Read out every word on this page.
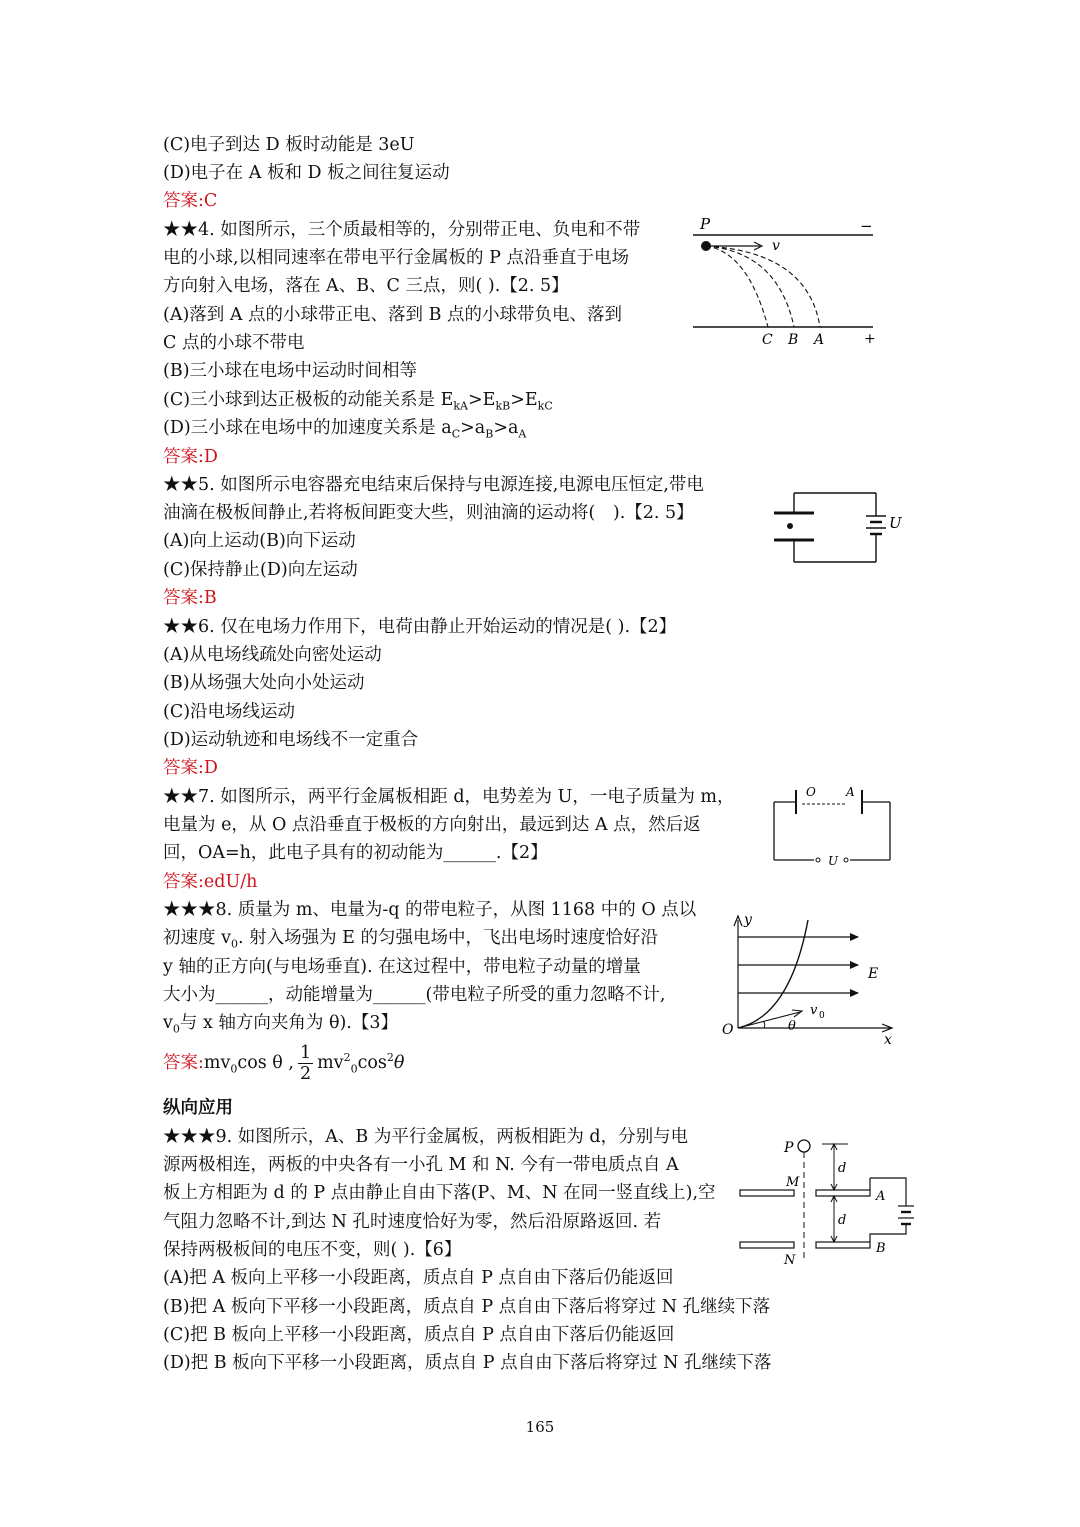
(C)电子到达 D 板时动能是 3eU
(D)电子在 A 板和 D 板之间往复运动
答案:C
★★4. 如图所示，三个质最相等的，分别带正电、负电和不带
电的小球,以相同速率在带电平行金属板的 P 点沿垂直于电场
方向射入电场，落在 A、B、C 三点，则( ).【2. 5】
(A)落到 A 点的小球带正电、落到 B 点的小球带负电、落到
C 点的小球不带电
(B)三小球在电场中运动时间相等
(C)三小球到达正极板的动能关系是 $E_{kA}>E_{kB}>E_{kC}$
(D)三小球在电场中的加速度关系是 $a_C>a_B>a_A$
答案:D
P
v
−
+
C B A
★★5. 如图所示电容器充电结束后保持与电源连接,电源电压恒定,带电
油滴在极板间静止,若将板间距变大些，则油滴的运动将(　).【2. 5】
(A)向上运动(B)向下运动
(C)保持静止(D)向左运动
答案:B
U
★★6. 仅在电场力作用下，电荷由静止开始运动的情况是( ).【2】
(A)从电场线疏处向密处运动
(B)从场强大处向小处运动
(C)沿电场线运动
(D)运动轨迹和电场线不一定重合
答案:D
★★7. 如图所示，两平行金属板相距 d，电势差为 U，一电子质量为 m，
电量为 e，从 O 点沿垂直于极板的方向射出，最远到达 A 点，然后返
回，OA=h，此电子具有的初动能为______.【2】
答案:edU/h
O	A
U
★★★8. 质量为 m、电量为-q 的带电粒子，从图 1168 中的 O 点以
初速度 $v_0$. 射入场强为 E 的匀强电场中，飞出电场时速度恰好沿
y 轴的正方向(与电场垂直). 在这过程中，带电粒子动量的增量
大小为______，动能增量为______(带电粒子所受的重力忽略不计,
$v_0$与 x 轴方向夹角为 θ).【3】
答案$:mv_0\cos$ θ , $\frac{1}{2} mv^2_0\cos^2\theta$
y
x
O
E
v 0
θ
纵向应用
★★★9. 如图所示，A、B 为平行金属板，两板相距为 d，分别与电
源两极相连，两板的中央各有一小孔 M 和 N. 今有一带电质点自 A
板上方相距为 d 的 P 点由静止自由下落(P、M、N 在同一竖直线上),空
气阻力忽略不计,到达 N 孔时速度恰好为零，然后沿原路返回. 若
保持两极板间的电压不变，则( ).【6】
(A)把 A 板向上平移一小段距离，质点自 P 点自由下落后仍能返回
(B)把 A 板向下平移一小段距离，质点自 P 点自由下落后将穿过 N 孔继续下落
(C)把 B 板向上平移一小段距离，质点自 P 点自由下落后仍能返回
(D)把 B 板向下平移一小段距离，质点自 P 点自由下落后将穿过 N 孔继续下落
P
M
N
A
B
d
d
165
